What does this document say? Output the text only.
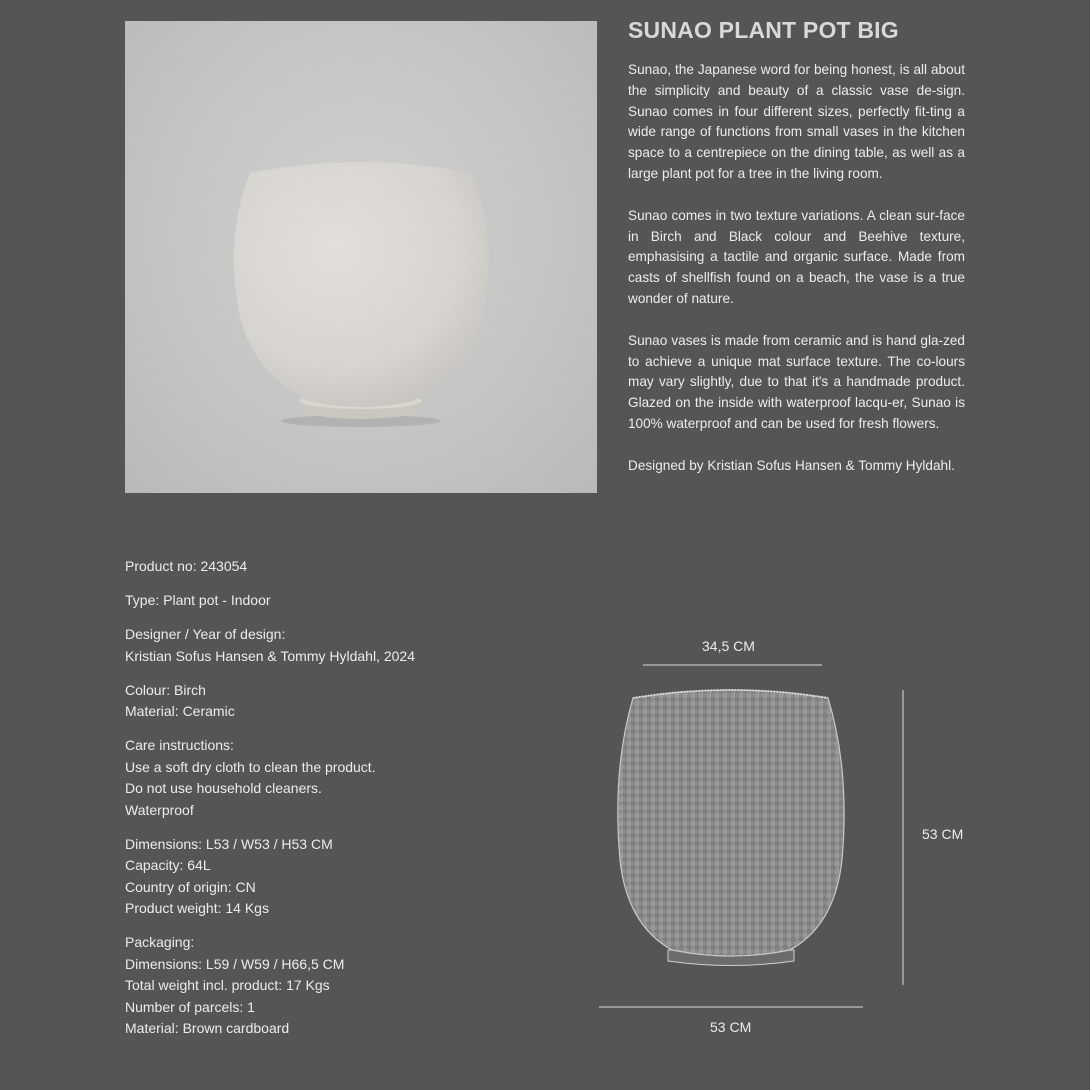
SUNAO PLANT POT BIG

Sunao, the Japanese word for being honest, is all about the simplicity and beauty of a classic vase de-sign. Sunao comes in four different sizes, perfectly fit-ting a wide range of functions from small vases in the kitchen space to a centrepiece on the dining table, as well as a large plant pot for a tree in the living room.

Sunao comes in two texture variations. A clean sur-face in Birch and Black colour and Beehive texture, emphasising a tactile and organic surface. Made from casts of shellfish found on a beach, the vase is a true wonder of nature.

Sunao vases is made from ceramic and is hand gla-zed to achieve a unique mat surface texture. The co-lours may vary slightly, due to that it's a handmade product. Glazed on the inside with waterproof lacqu-er, Sunao is 100% waterproof and can be used for fresh flowers.

Designed by Kristian Sofus Hansen & Tommy Hyldahl.

Product no: 243054
Type: Plant pot - Indoor
Designer / Year of design:
Kristian Sofus Hansen & Tommy Hyldahl, 2024
Colour: Birch
Material: Ceramic
Care instructions:
Use a soft dry cloth to clean the product.
Do not use household cleaners.
Waterproof
Dimensions: L53 / W53 / H53 CM
Capacity: 64L
Country of origin: CN
Product weight: 14 Kgs
Packaging:
Dimensions: L59 / W59 / H66,5 CM
Total weight incl. product: 17 Kgs
Number of parcels: 1
Material: Brown cardboard
34,5 CM
53 CM
53 CM
